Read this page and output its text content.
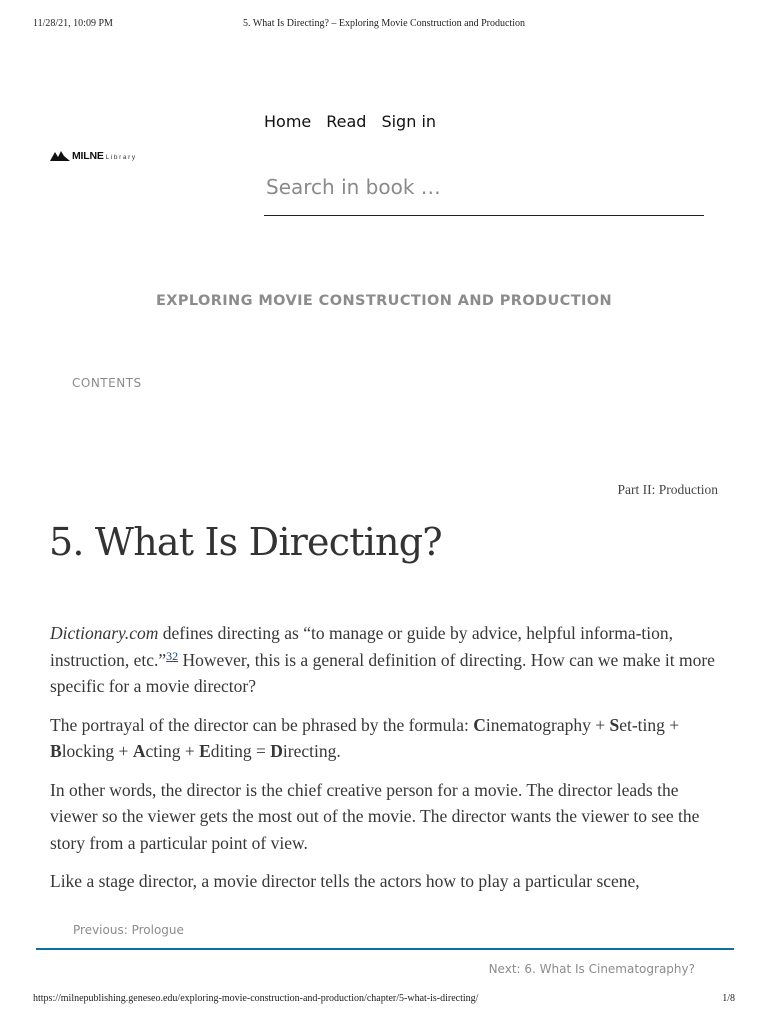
11/28/21, 10:09 PM	5. What Is Directing? – Exploring Movie Construction and Production
MILNE Library
Home Read Sign in
Search in book …
EXPLORING MOVIE CONSTRUCTION AND PRODUCTION
CONTENTS
Part II: Production
5. What Is Directing?

Dictionary.com defines directing as “to manage or guide by advice, helpful informa-tion, instruction, etc.”$^{32}$ However, this is a general definition of directing. How can we make it more specific for a movie director?

The portrayal of the director can be phrased by the formula: Cinematography + Set-ting + Blocking + Acting + Editing = Directing.

In other words, the director is the chief creative person for a movie. The director leads the viewer so the viewer gets the most out of the movie. The director wants the viewer to see the story from a particular point of view.

Like a stage director, a movie director tells the actors how to play a particular scene,

Previous: Prologue
Next: 6. What Is Cinematography?
https://milnepublishing.geneseo.edu/exploring-movie-construction-and-production/chapter/5-what-is-directing/	1/8
